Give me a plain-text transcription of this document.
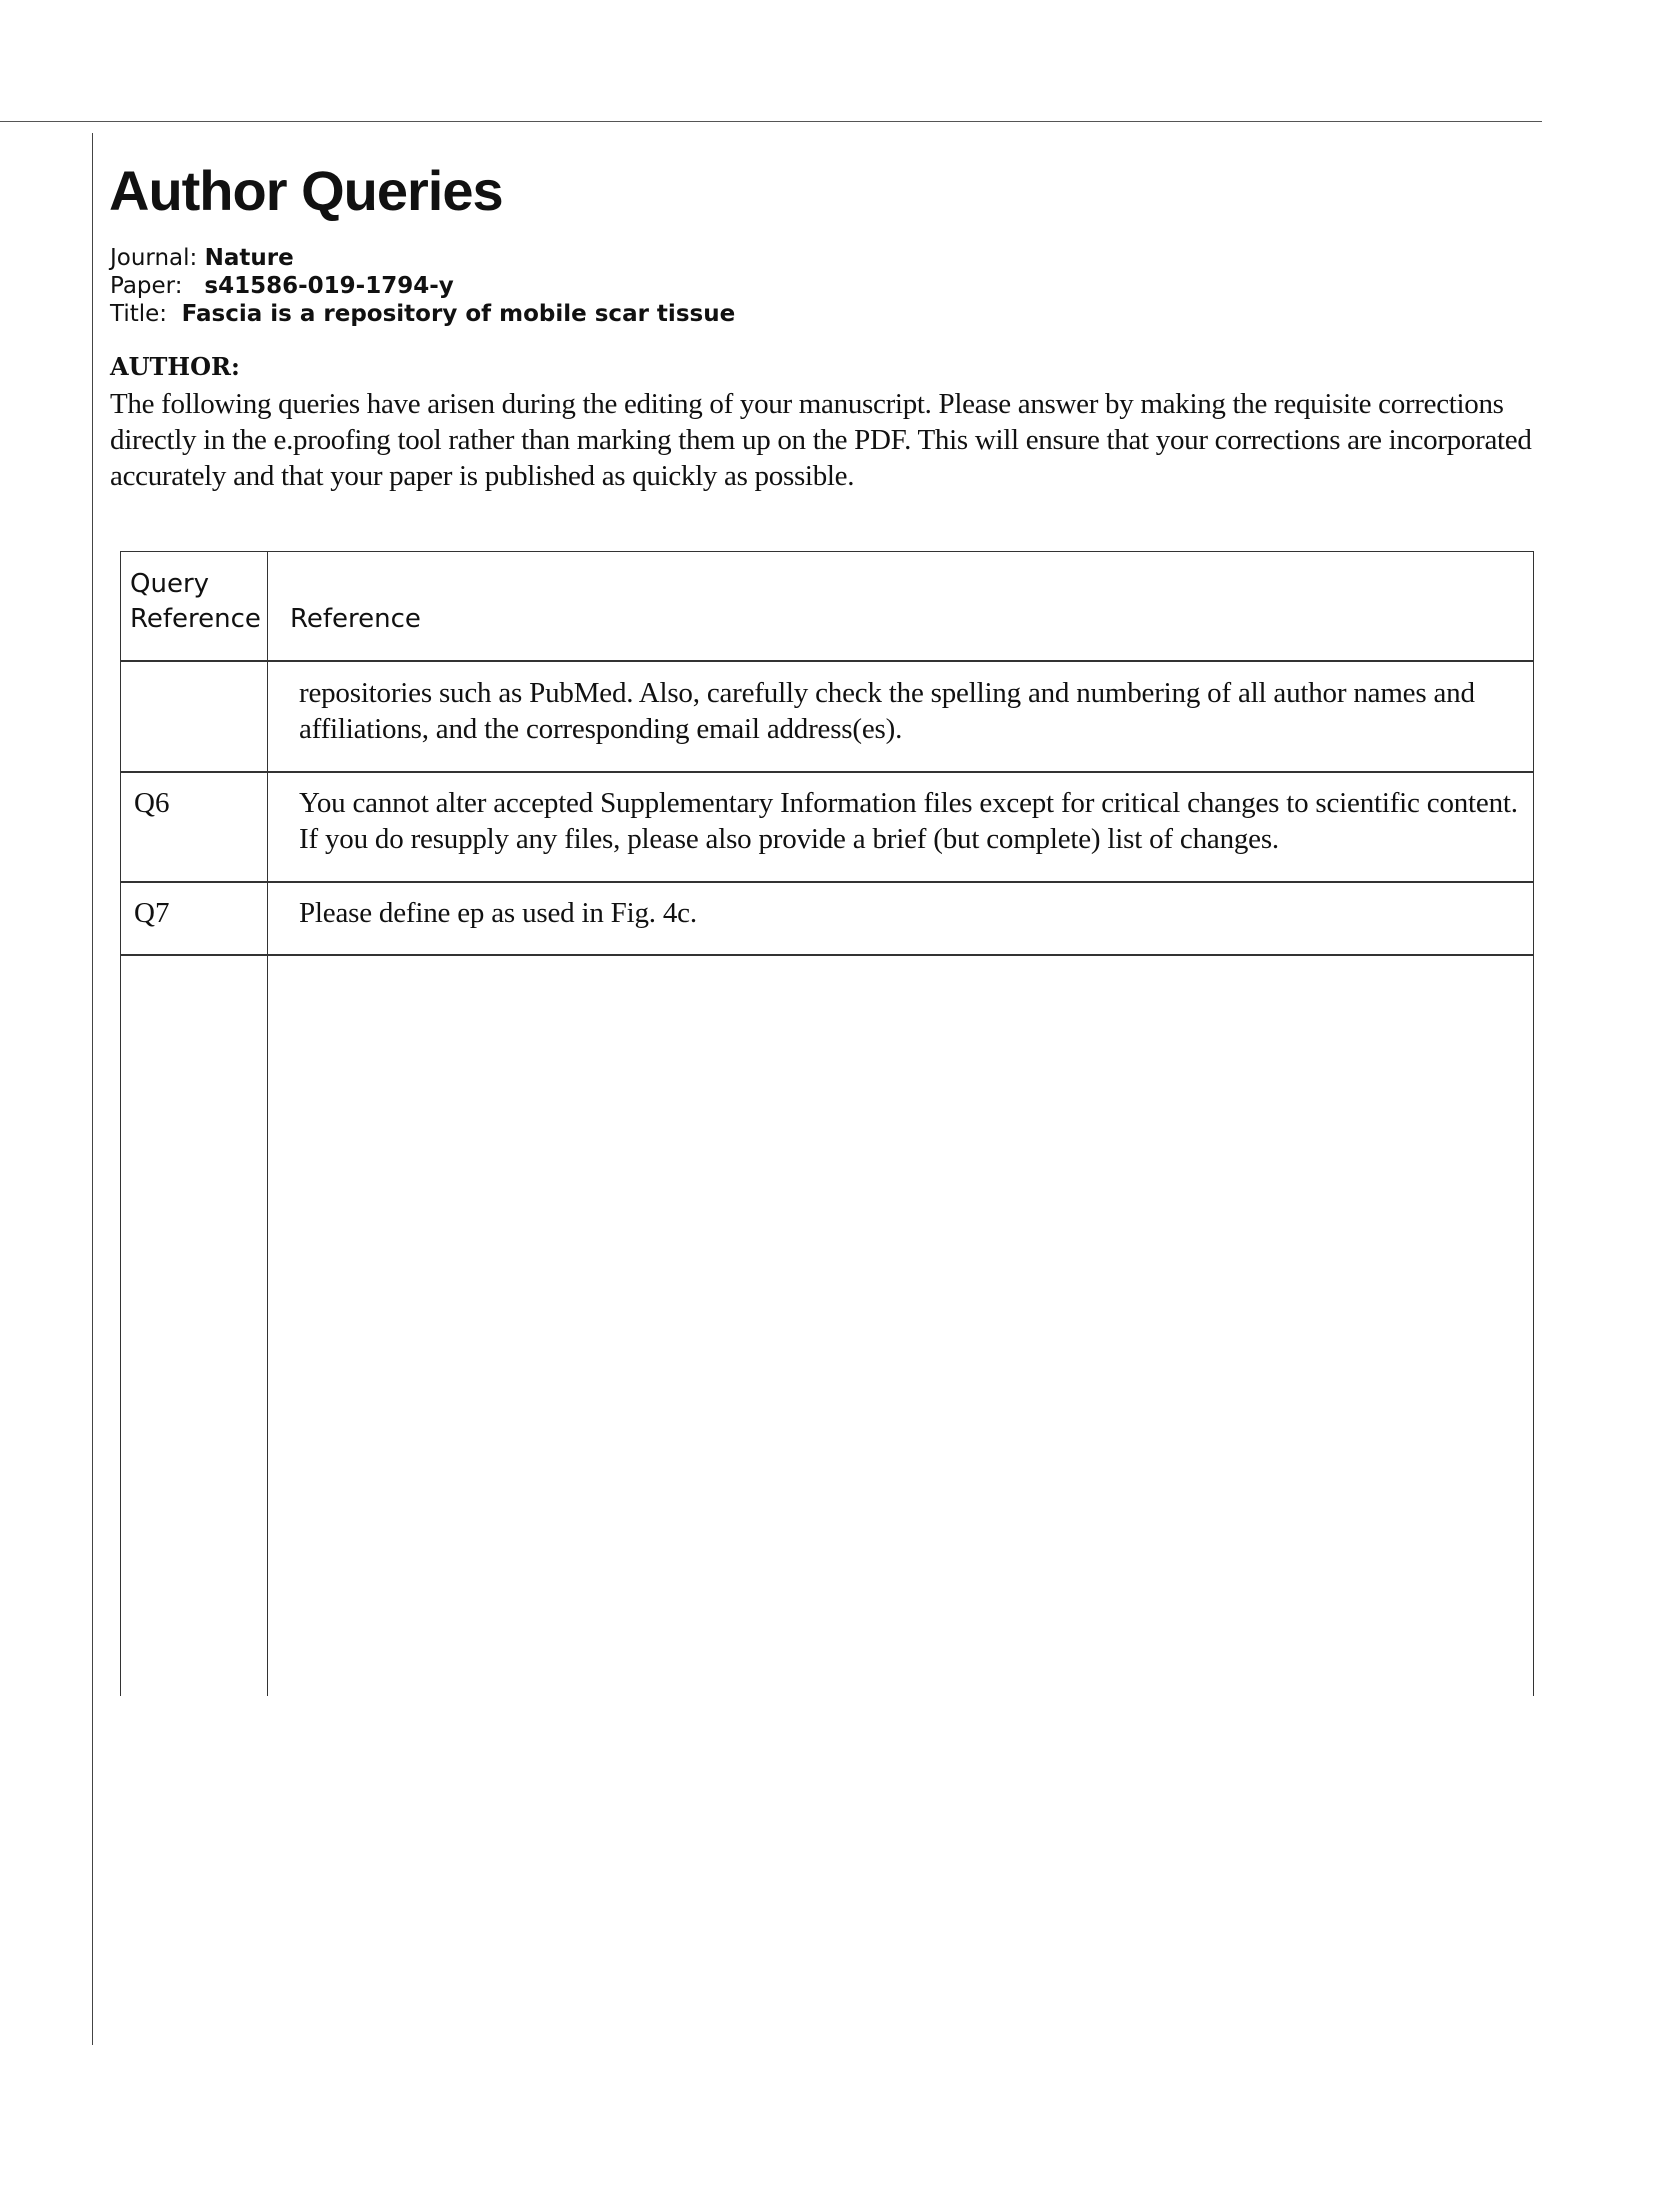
Author Queries
Journal: Nature
Paper: s41586-019-1794-y
Title: Fascia is a repository of mobile scar tissue
AUTHOR:

The following queries have arisen during the editing of your manuscript. Please answer by making the requisite corrections directly in the e.proofing tool rather than marking them up on the PDF. This will ensure that your corrections are incorporated accurately and that your paper is published as quickly as possible.

Query Reference Reference
repositories such as PubMed. Also, carefully check the spelling and numbering of all author names and affiliations, and the corresponding email address(es).
Q6	You cannot alter accepted Supplementary Information files except for critical changes to scientific content. If you do resupply any files, please also provide a brief (but complete) list of changes.
Q7	Please define ep as used in Fig. 4c.
